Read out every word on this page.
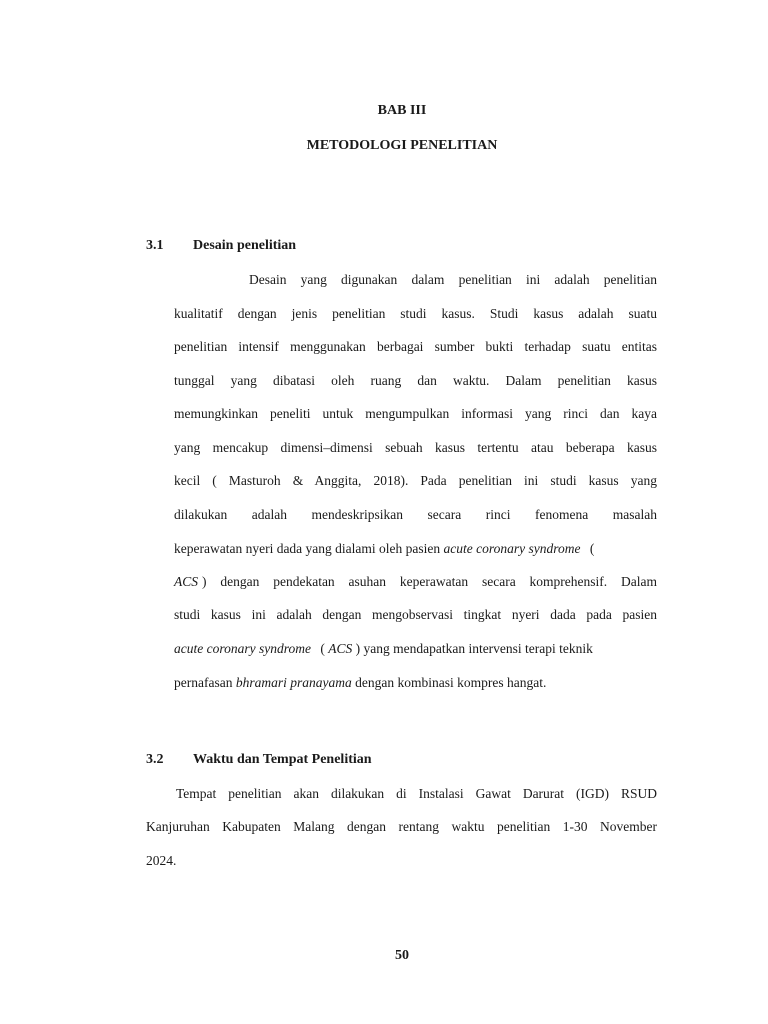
BAB III
METODOLOGI PENELITIAN
3.1 Desain penelitian
Desain yang digunakan dalam penelitian ini adalah penelitian
kualitatif dengan jenis penelitian studi kasus. Studi kasus adalah suatu
penelitian intensif menggunakan berbagai sumber bukti terhadap suatu entitas
tunggal yang dibatasi oleh ruang dan waktu. Dalam penelitian kasus
memungkinkan peneliti untuk mengumpulkan informasi yang rinci dan kaya
yang mencakup dimensi–dimensi sebuah kasus tertentu atau beberapa kasus
kecil ( Masturoh & Anggita, 2018). Pada penelitian ini studi kasus yang
dilakukan adalah mendeskripsikan secara rinci fenomena masalah
keperawatan nyeri dada yang dialami oleh pasien acute coronary syndrome (
ACS ) dengan pendekatan asuhan keperawatan secara komprehensif. Dalam
studi kasus ini adalah dengan mengobservasi tingkat nyeri dada pada pasien
acute coronary syndrome ( ACS ) yang mendapatkan intervensi terapi teknik
pernafasan bhramari pranayama dengan kombinasi kompres hangat.
3.2 Waktu dan Tempat Penelitian
Tempat penelitian akan dilakukan di Instalasi Gawat Darurat (IGD) RSUD
Kanjuruhan Kabupaten Malang dengan rentang waktu penelitian 1-30 November
2024.
50
